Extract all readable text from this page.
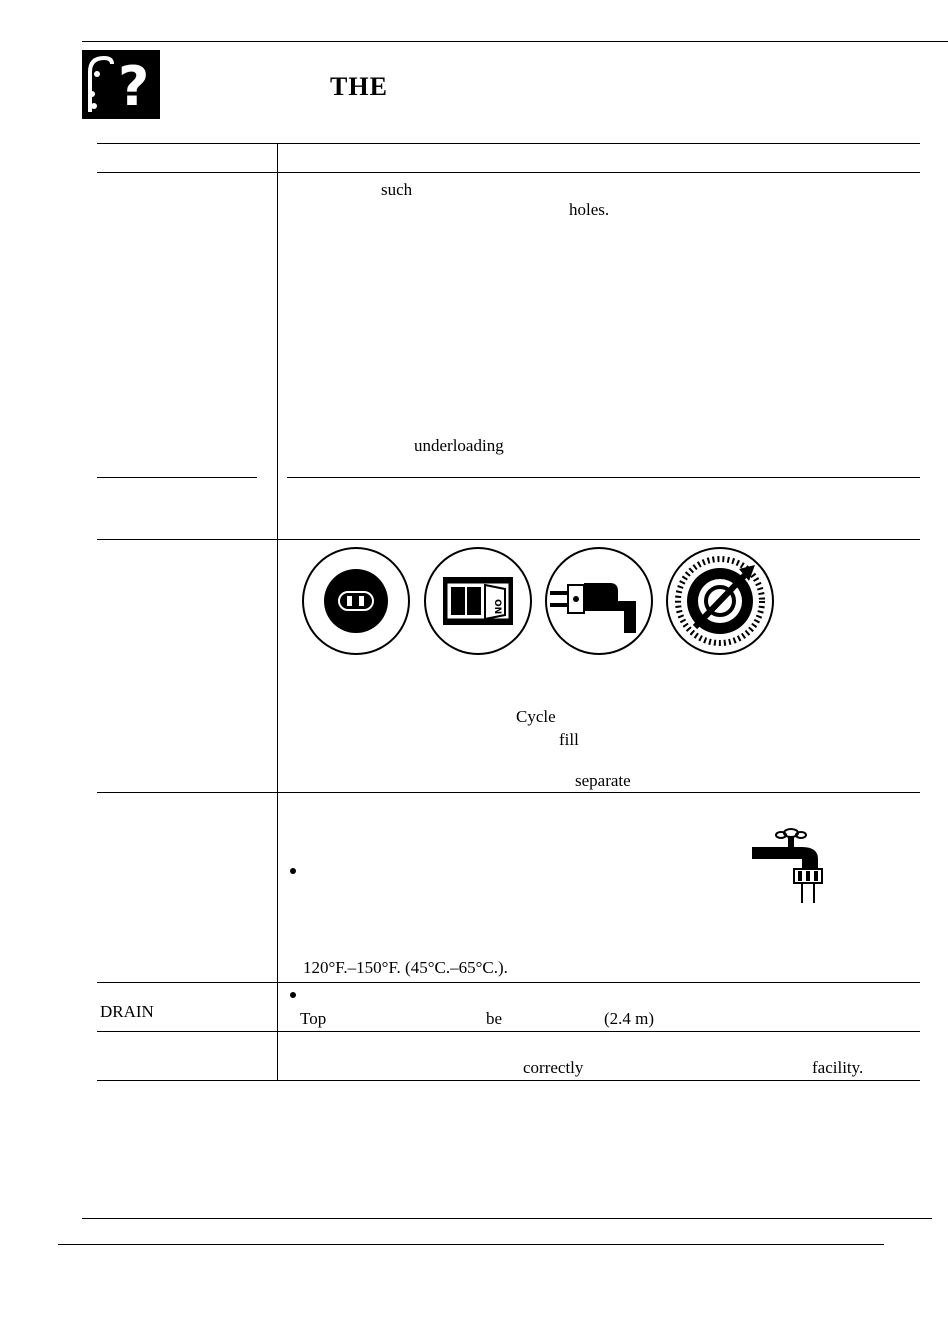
?	THE
such
holes.
underloading
ON
Cycle
fill
separate
120°F.–150°F. (45°C.–65°C.).
DRAIN	Top	be	(2.4 m)
correctly	facility.
